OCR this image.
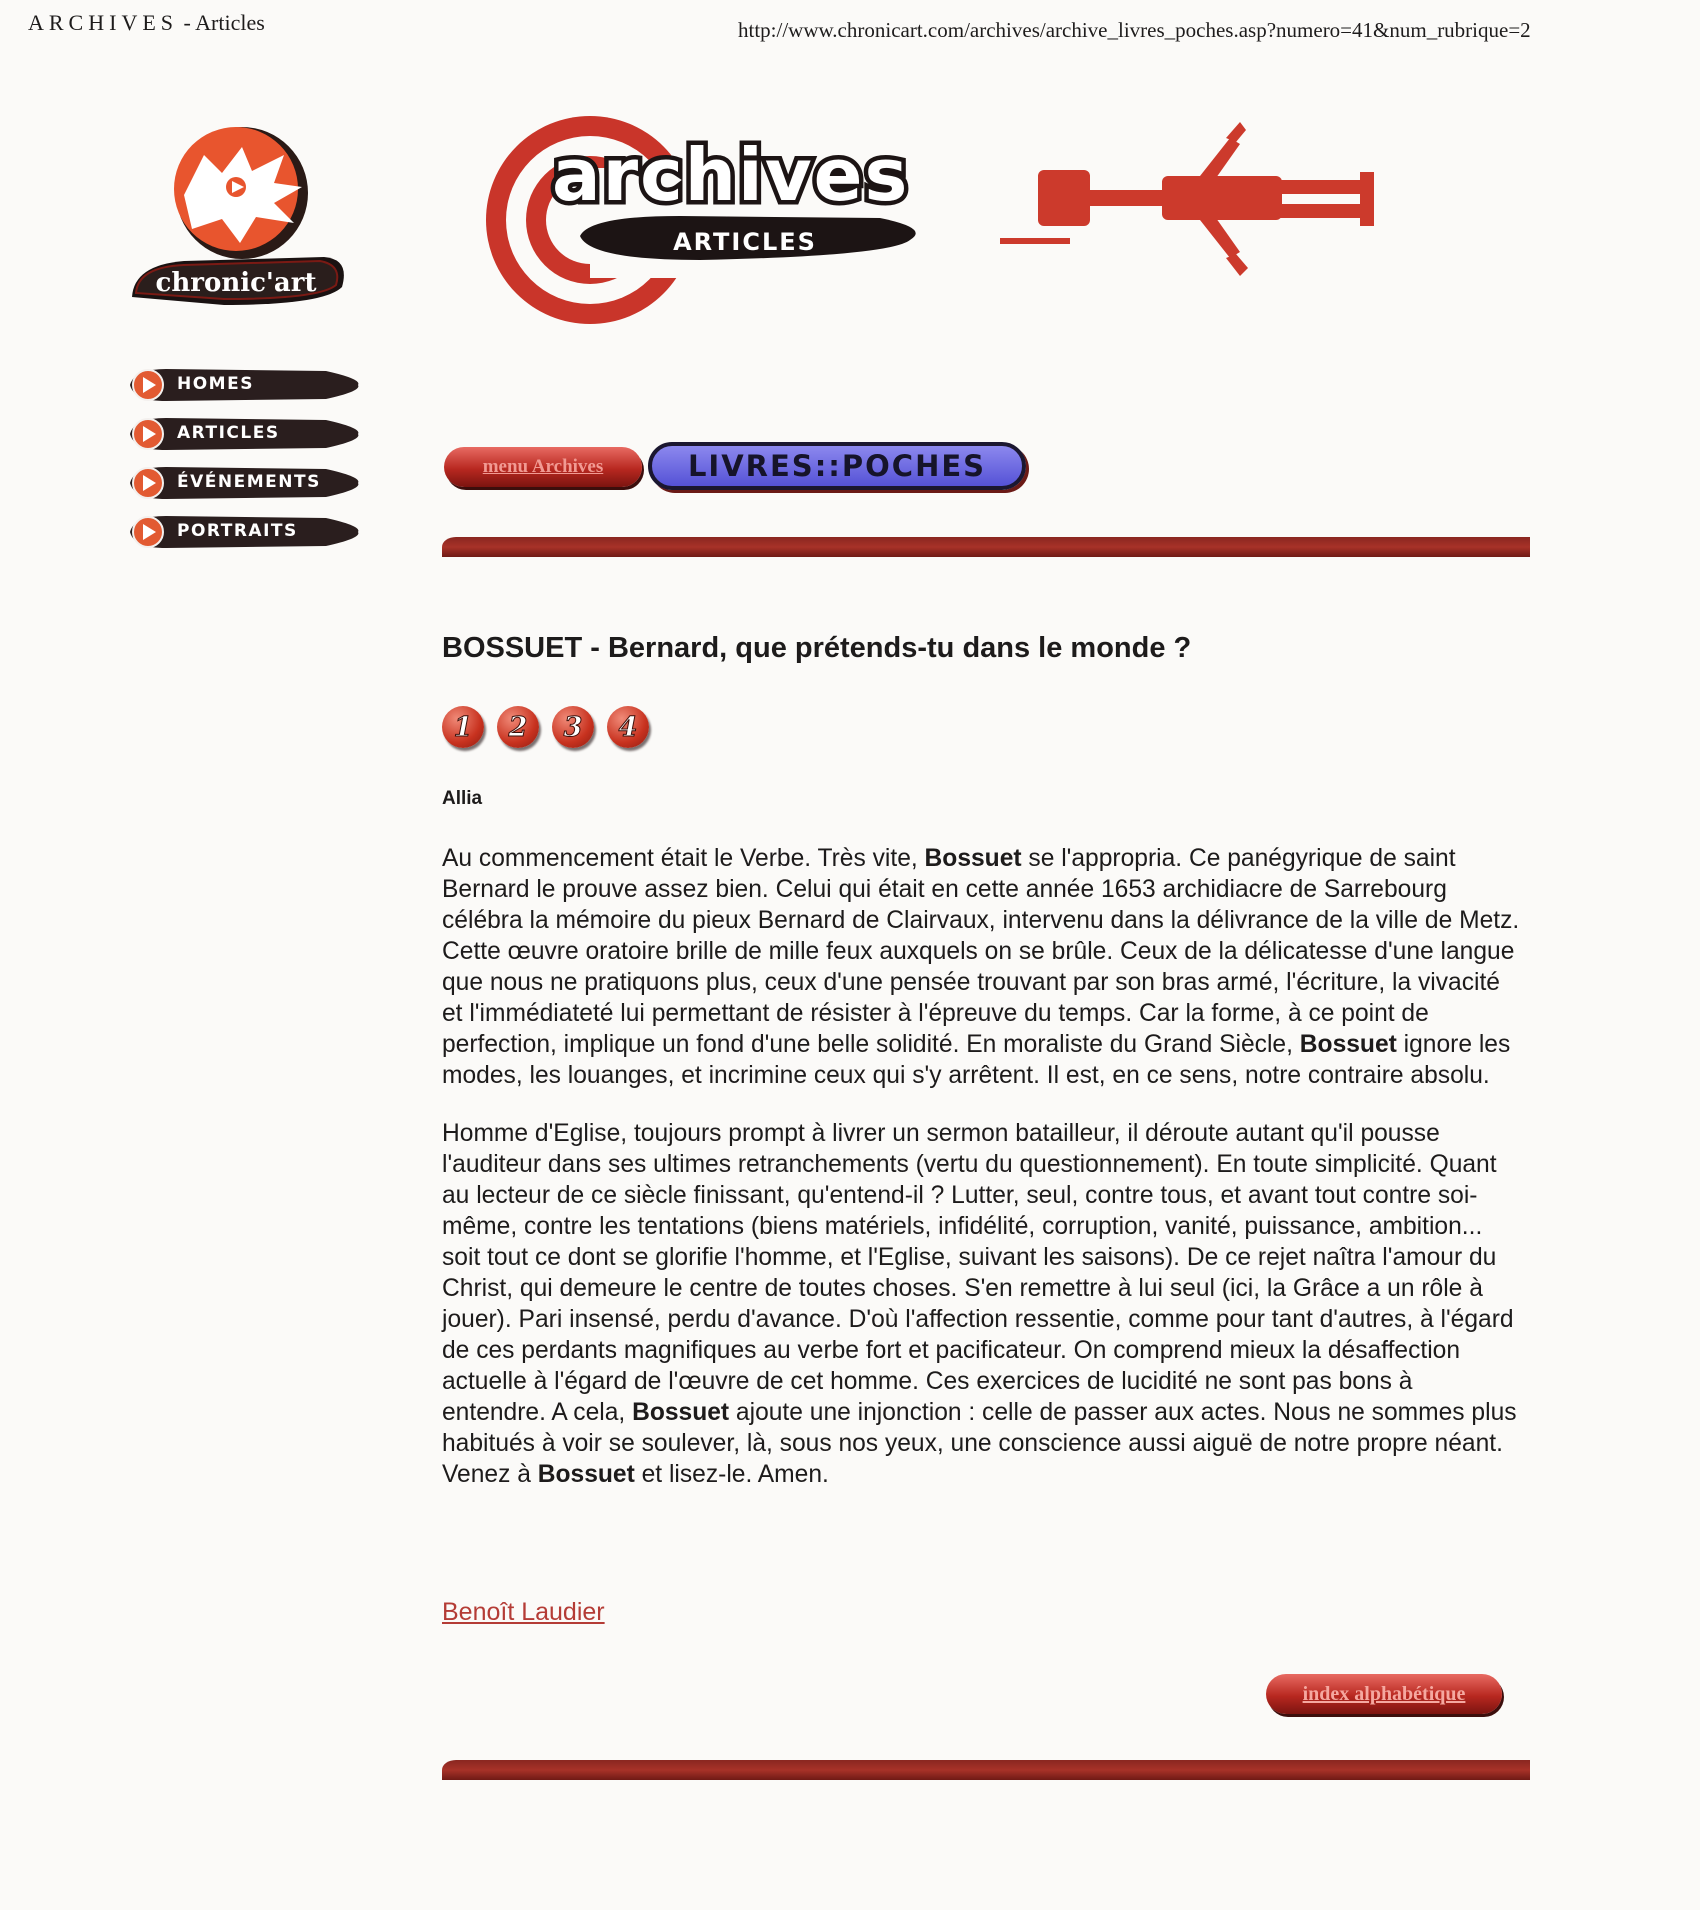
ARCHIVES - Articles	http://www.chronicart.com/archives/archive_livres_poches.asp?numero=41&num_rubrique=2
chronic'art
HOMES
ARTICLES
ÉVÉNEMENTS
PORTRAITS
ARTICLES
archives
menu Archives	LIVRES::POCHES
BOSSUET - Bernard, que prétends-tu dans le monde ?
1 2 3 4
Allia

Au commencement était le Verbe. Très vite, Bossuet se l'appropria. Ce panégyrique de saint Bernard le prouve assez bien. Celui qui était en cette année 1653 archidiacre de Sarrebourg célébra la mémoire du pieux Bernard de Clairvaux, intervenu dans la délivrance de la ville de Metz. Cette œuvre oratoire brille de mille feux auxquels on se brûle. Ceux de la délicatesse d'une langue que nous ne pratiquons plus, ceux d'une pensée trouvant par son bras armé, l'écriture, la vivacité et l'immédiateté lui permettant de résister à l'épreuve du temps. Car la forme, à ce point de perfection, implique un fond d'une belle solidité. En moraliste du Grand Siècle, Bossuet ignore les modes, les louanges, et incrimine ceux qui s'y arrêtent. Il est, en ce sens, notre contraire absolu.

Homme d'Eglise, toujours prompt à livrer un sermon batailleur, il déroute autant qu'il pousse l'auditeur dans ses ultimes retranchements (vertu du questionnement). En toute simplicité. Quant au lecteur de ce siècle finissant, qu'entend-il ? Lutter, seul, contre tous, et avant tout contre soi-même, contre les tentations (biens matériels, infidélité, corruption, vanité, puissance, ambition... soit tout ce dont se glorifie l'homme, et l'Eglise, suivant les saisons). De ce rejet naîtra l'amour du Christ, qui demeure le centre de toutes choses. S'en remettre à lui seul (ici, la Grâce a un rôle à jouer). Pari insensé, perdu d'avance. D'où l'affection ressentie, comme pour tant d'autres, à l'égard de ces perdants magnifiques au verbe fort et pacificateur. On comprend mieux la désaffection actuelle à l'égard de l'œuvre de cet homme. Ces exercices de lucidité ne sont pas bons à entendre. A cela, Bossuet ajoute une injonction : celle de passer aux actes. Nous ne sommes plus habitués à voir se soulever, là, sous nos yeux, une conscience aussi aiguë de notre propre néant. Venez à Bossuet et lisez-le. Amen.

Benoît Laudier
index alphabétique
